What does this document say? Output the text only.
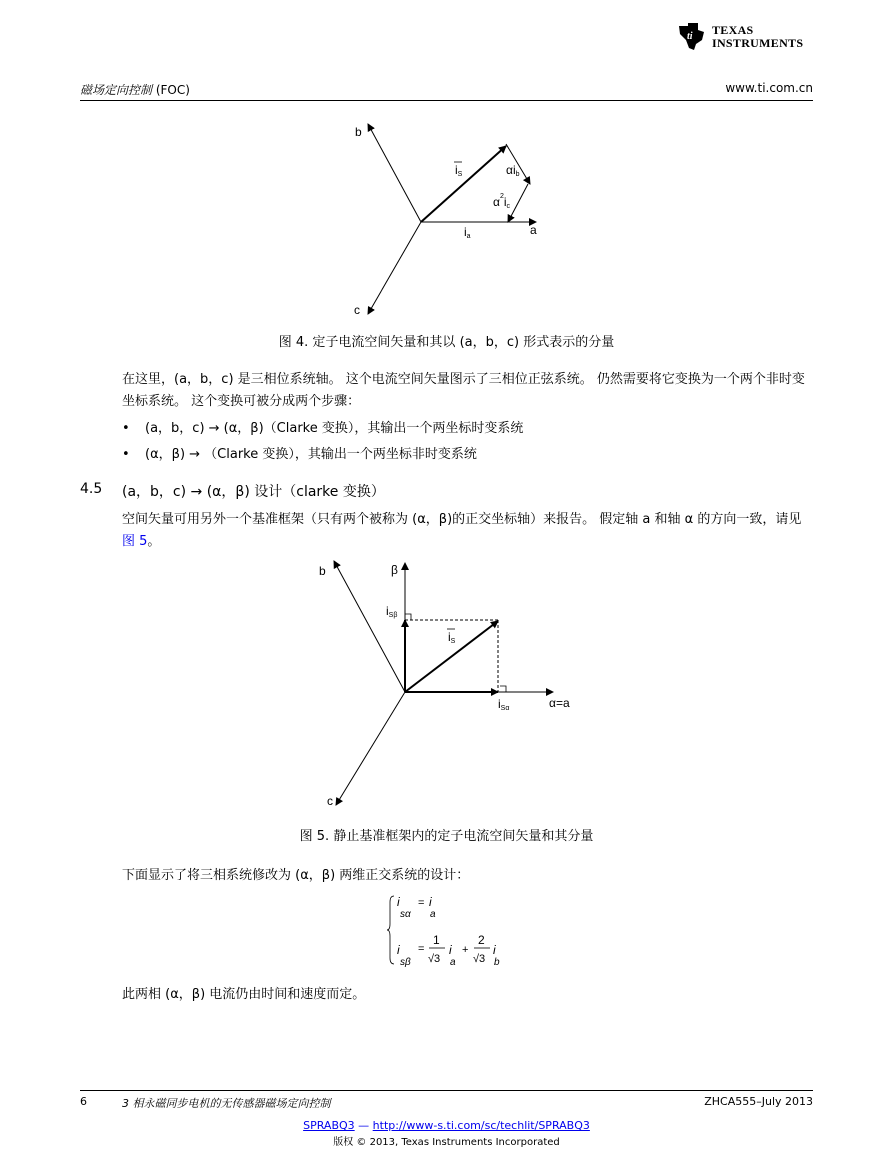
ti TEXAS
INSTRUMENTS
磁场定向控制 (FOC)	www.ti.com.cn
b
c
a
iS	αib
$\alpha^2ic$
ia
图 4. 定子电流空间矢量和其以 (a，b，c) 形式表示的分量
在这里，(a，b，c) 是三相位系统轴。 这个电流空间矢量图示了三相位正弦系统。 仍然需要将它变换为一个两个非时变坐标系统。 这个变换可被分成两个步骤：
• (a，b，c) → (α，β)（Clarke 变换），其输出一个两坐标时变系统
• (α，β) → （Clarke 变换），其输出一个两坐标非时变系统
4.5 (a，b，c) → (α，β) 设计（clarke 变换）
空间矢量可用另外一个基准框架（只有两个被称为 (α，β)的正交坐标轴）来报告。 假定轴 a 和轴 α 的方向一致，请见图 5。
b	β
iSβ
iS
iSα	α=a
c
图 5. 静止基准框架内的定子电流空间矢量和其分量
下面显示了将三相系统修改为 (α，β) 两维正交系统的设计：
i
sα
= i
a
i
sβ
=
1
√3
i
a
+
2
√3
i
b
此两相 (α，β) 电流仍由时间和速度而定。
6	3 相永磁同步电机的无传感器磁场定向控制	ZHCA555–July 2013
SPRABQ3 — http://www-s.ti.com/sc/techlit/SPRABQ3
版权 © 2013, Texas Instruments Incorporated
